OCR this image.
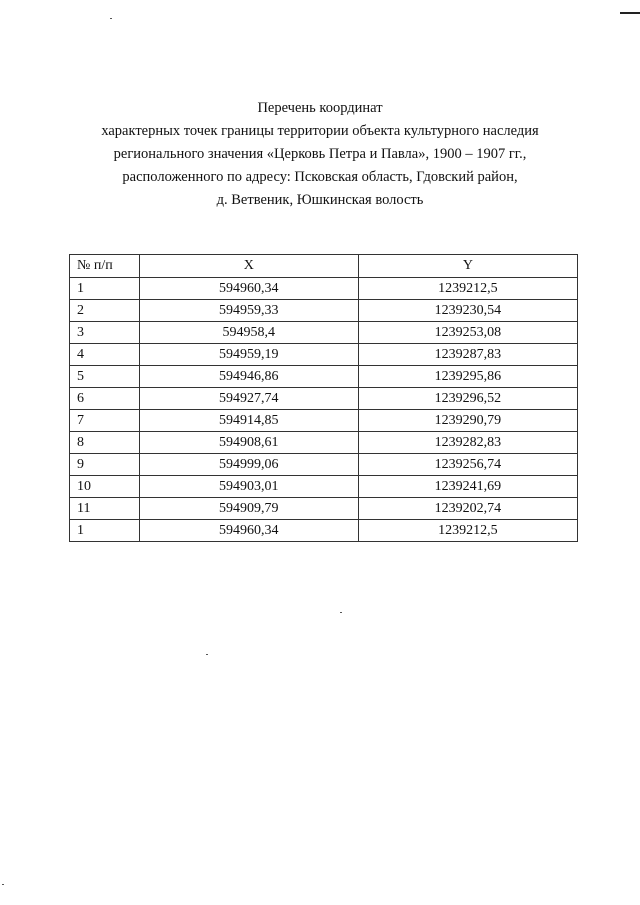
Перечень координат
характерных точек границы территории объекта культурного наследия
регионального значения «Церковь Петра и Павла», 1900 – 1907 гг.,
расположенного по адресу: Псковская область, Гдовский район,
д. Ветвеник, Юшкинская волость
№ п/п	X	Y
1	594960,34	1239212,5
2	594959,33	1239230,54
3	594958,4	1239253,08
4	594959,19	1239287,83
5	594946,86	1239295,86
6	594927,74	1239296,52
7	594914,85	1239290,79
8	594908,61	1239282,83
9	594999,06	1239256,74
10	594903,01	1239241,69
11	594909,79	1239202,74
1	594960,34	1239212,5
